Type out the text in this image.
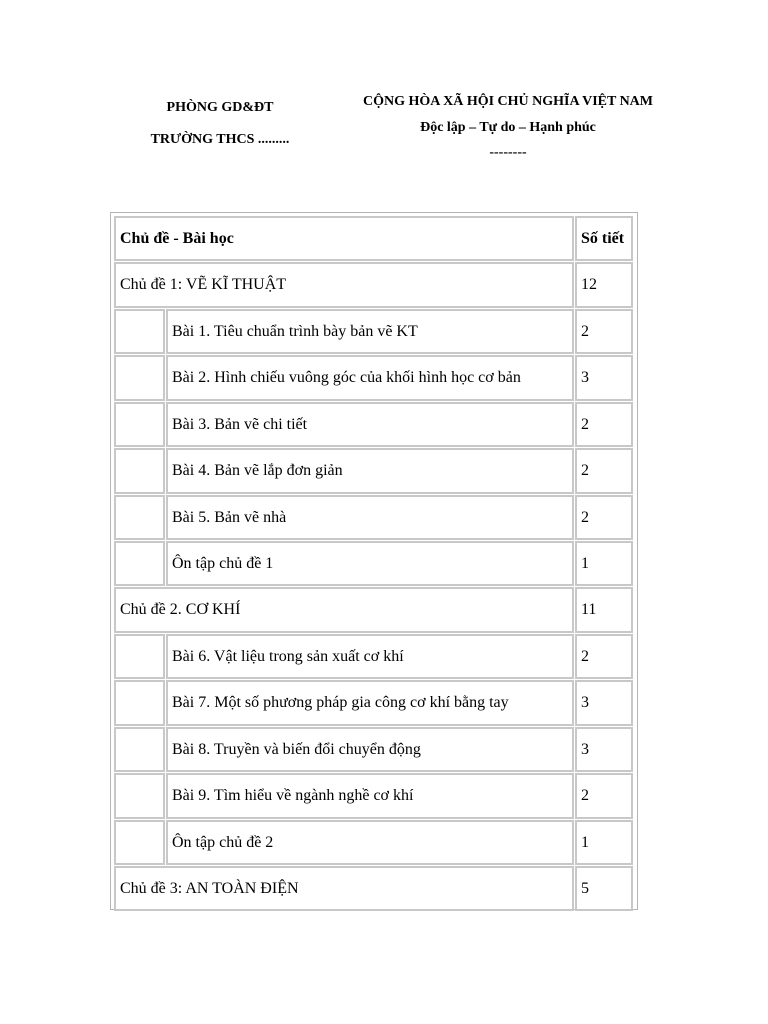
PHÒNG GD&ĐT
TRƯỜNG THCS .........
CỘNG HÒA XÃ HỘI CHỦ NGHĨA VIỆT NAM
Độc lập – Tự do – Hạnh phúc
--------
Chủ đề - Bài học	Số tiết
Chủ đề 1: VẼ KĨ THUẬT	12
Bài 1. Tiêu chuẩn trình bày bản vẽ KT	2
Bài 2. Hình chiếu vuông góc của khối hình học cơ bản	3
Bài 3. Bản vẽ chi tiết	2
Bài 4. Bản vẽ lắp đơn giản	2
Bài 5. Bản vẽ nhà	2
Ôn tập chủ đề 1	1
Chủ đề 2. CƠ KHÍ	11
Bài 6. Vật liệu trong sản xuất cơ khí	2
Bài 7. Một số phương pháp gia công cơ khí bằng tay	3
Bài 8. Truyền và biến đổi chuyển động	3
Bài 9. Tìm hiểu về ngành nghề cơ khí	2
Ôn tập chủ đề 2	1
Chủ đề 3: AN TOÀN ĐIỆN	5
